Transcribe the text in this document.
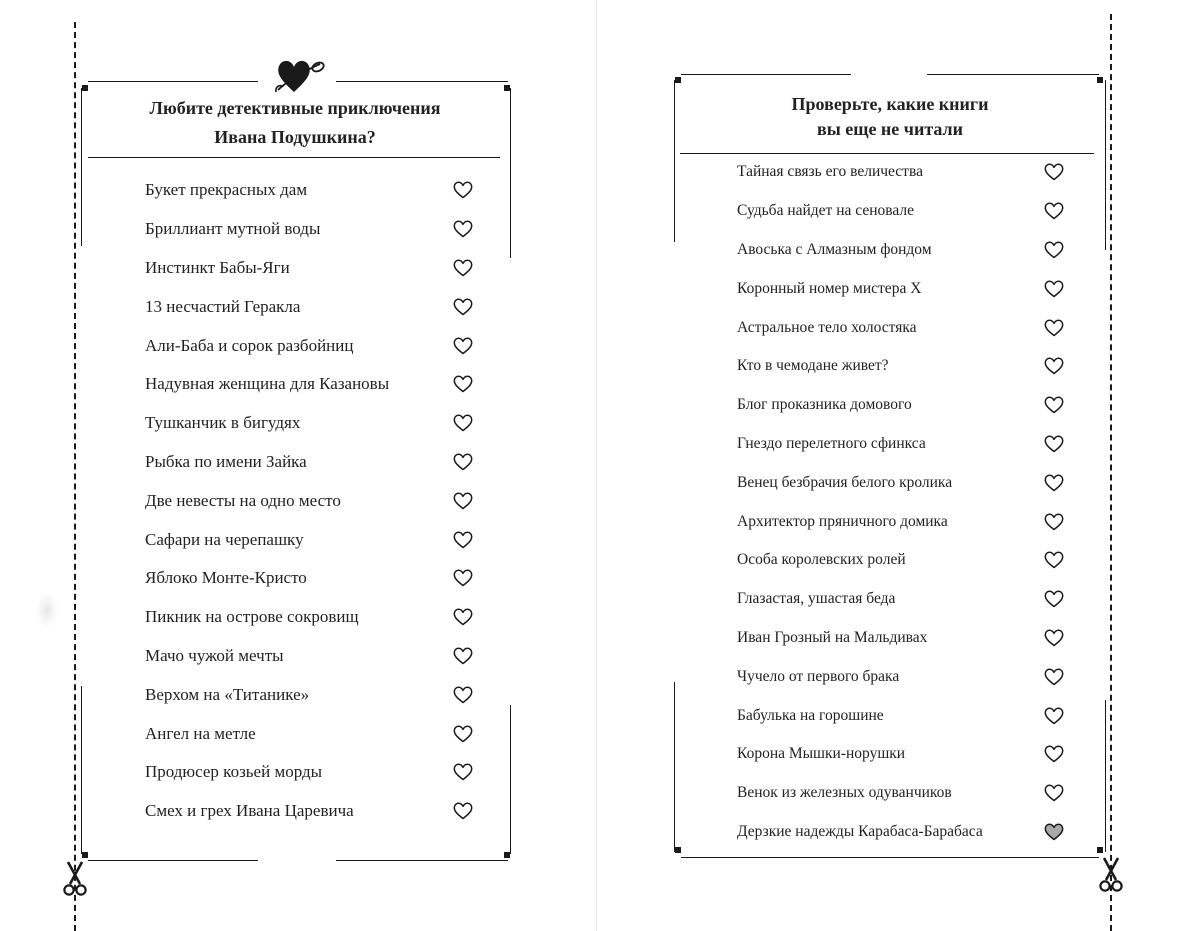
Любите детективные приключения
Ивана Подушкина?
Букет прекрасных дам
Бриллиант мутной воды
Инстинкт Бабы-Яги
13 несчастий Геракла
Али-Баба и сорок разбойниц
Надувная женщина для Казановы
Тушканчик в бигудях
Рыбка по имени Зайка
Две невесты на одно место
Сафари на черепашку
Яблоко Монте-Кристо
Пикник на острове сокровищ
Мачо чужой мечты
Верхом на «Титанике»
Ангел на метле
Продюсер козьей морды
Смех и грех Ивана Царевича
Проверьте, какие книги
вы еще не читали
Тайная связь его величества
Судьба найдет на сеновале
Авоська с Алмазным фондом
Коронный номер мистера Х
Астральное тело холостяка
Кто в чемодане живет?
Блог проказника домового
Гнездо перелетного сфинкса
Венец безбрачия белого кролика
Архитектор пряничного домика
Особа королевских ролей
Глазастая, ушастая беда
Иван Грозный на Мальдивах
Чучело от первого брака
Бабулька на горошине
Корона Мышки-норушки
Венок из железных одуванчиков
Дерзкие надежды Карабаса-Барабаса
